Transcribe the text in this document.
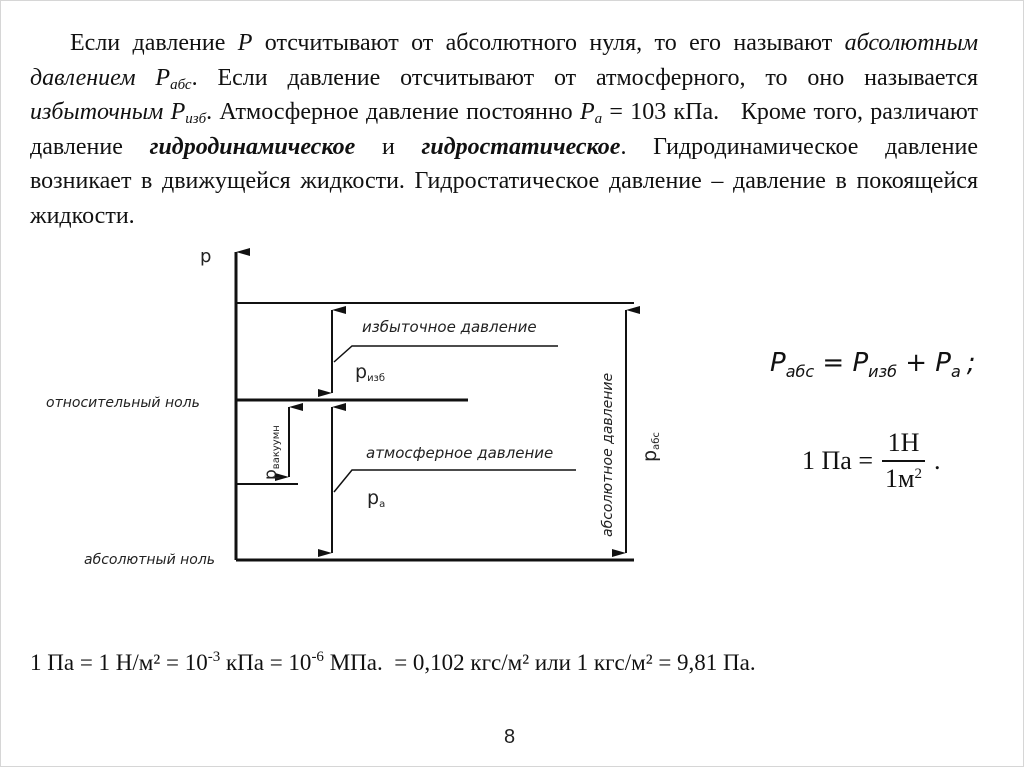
Если давление P отсчитывают от абсолютного нуля, то его называют абсолютным давлением $P_{абс}$. Если давление отсчитывают от атмосферного, то оно называется избыточным $P_{изб}$. Атмосферное давление постоянно $P_a = 103$ кПа.   Кроме того, различают давление гидродинамическое и гидростатическое. Гидродинамическое давление возникает в движущейся жидкости. Гидростатическое давление – давление в покоящейся жидкости.

p
относительный ноль
абсолютный ноль
избыточное давление
pизб
атмосферное давление
pa
pвакуумн	абсолютное давление pабс
$P_{абс} = P_{изб} + P_a$ ;
1 Па = $\frac{1Н}{1м^2}$ .
1 Па = 1 $Н/м^2 = 10^{-3}$ кПа = $10^{-6}$ МПа.  = 0,102 кгс/м² или 1 кгс/м² = 9,81 Па.
8
